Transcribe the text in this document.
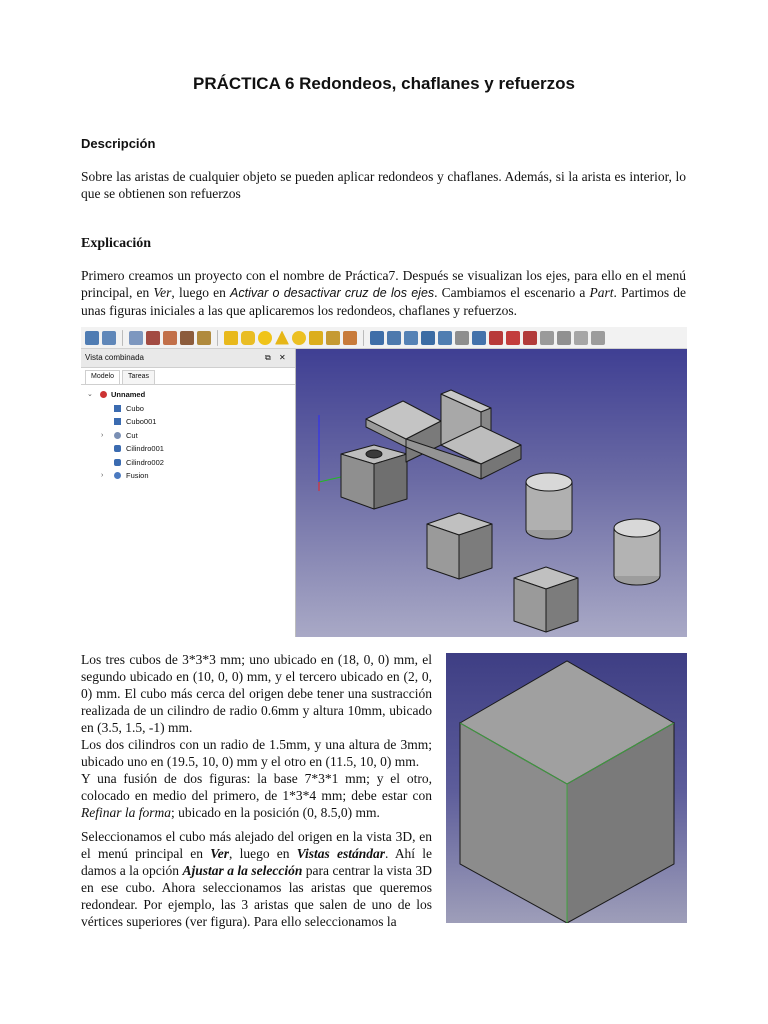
PRÁCTICA 6 Redondeos, chaflanes y refuerzos
Descripción
Sobre las aristas de cualquier objeto se pueden aplicar redondeos y chaflanes. Además, si la arista es interior, lo que se obtienen son refuerzos
Explicación
Primero creamos un proyecto con el nombre de Práctica7. Después se visualizan los ejes, para ello en el menú principal, en Ver, luego en Activar o desactivar cruz de los ejes. Cambiamos el escenario a Part. Partimos de unas figuras iniciales a las que aplicaremos los redondeos, chaflanes y refuerzos.
Vista combinada	⧉ ✕
Modelo	Tareas
⌄ Unnamed
Cubo
Cubo001
›	Cut
Cilindro001
Cilindro002
›	Fusion
Los tres cubos de 3*3*3 mm; uno ubicado en (18, 0, 0) mm, el segundo ubicado en (10, 0, 0) mm, y el tercero ubicado en (2, 0, 0) mm. El cubo más cerca del origen debe tener una sustracción realizada de un cilindro de radio 0.6mm y altura 10mm, ubicado en (3.5, 1.5, -1) mm.
Los dos cilindros con un radio de 1.5mm, y una altura de 3mm; ubicado uno en (19.5, 10, 0) mm y el otro en (11.5, 10, 0) mm.
Y una fusión de dos figuras: la base 7*3*1 mm; y el otro, colocado en medio del primero, de 1*3*4 mm; debe estar con Refinar la forma; ubicado en la posición (0, 8.5,0) mm.
Seleccionamos el cubo más alejado del origen en la vista 3D, en el menú principal en Ver, luego en Vistas estándar. Ahí le damos a la opción Ajustar a la selección para centrar la vista 3D en ese cubo. Ahora seleccionamos las aristas que queremos redondear. Por ejemplo, las 3 aristas que salen de uno de los vértices superiores (ver figura). Para ello seleccionamos la
